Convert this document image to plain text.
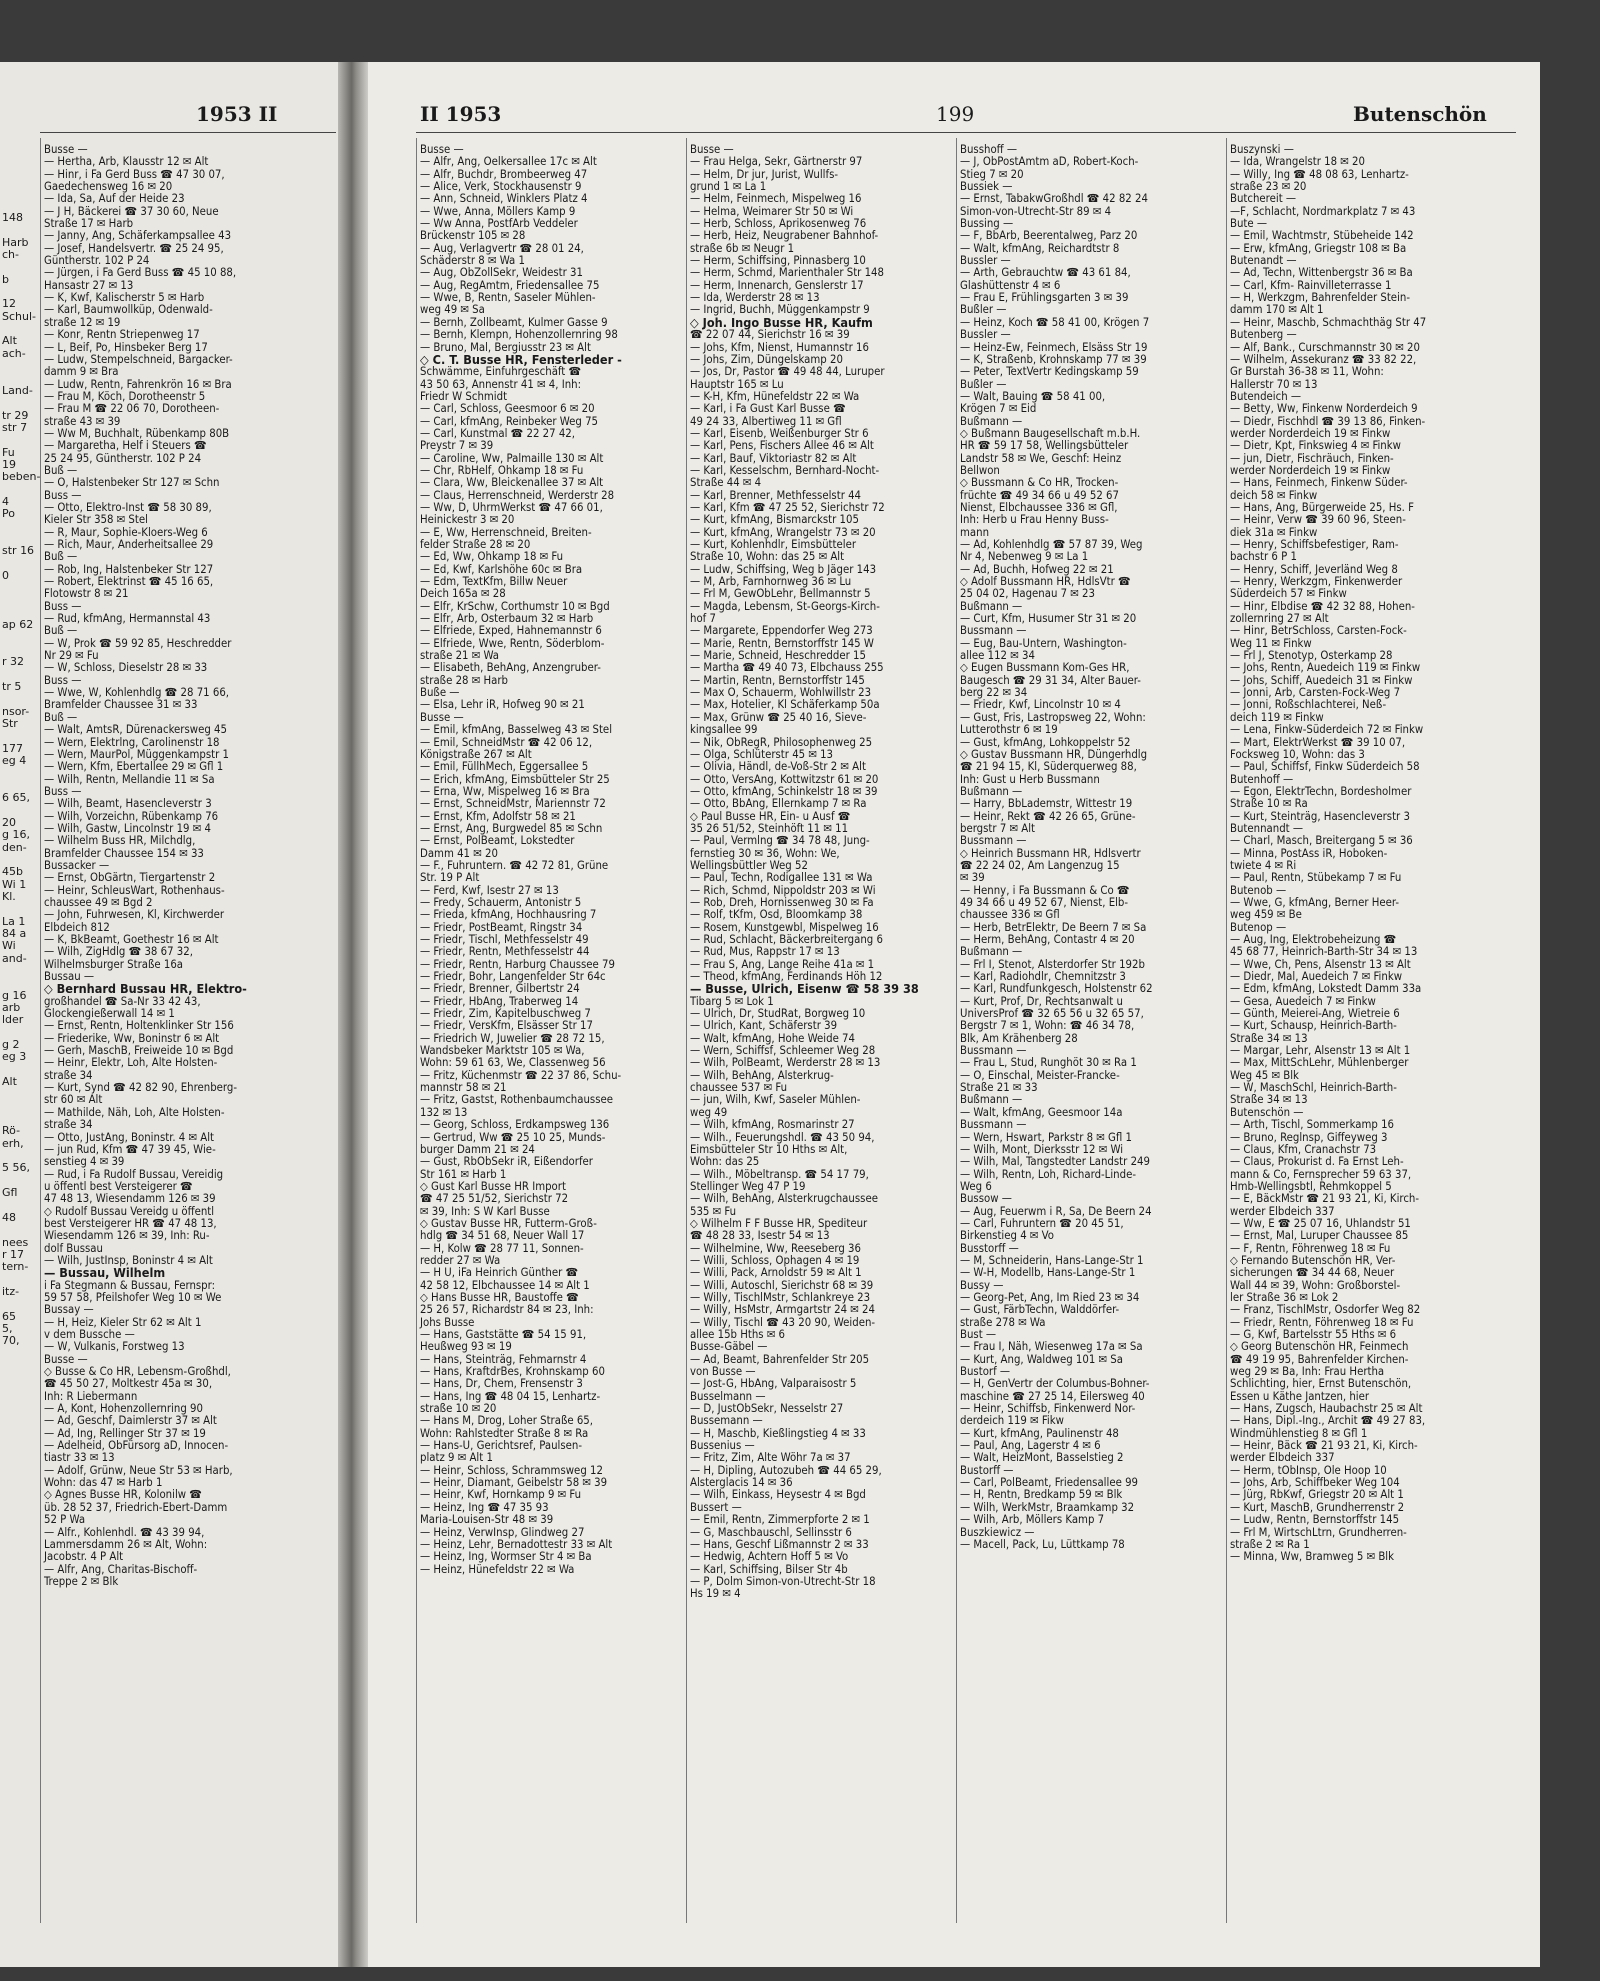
1953 II
148
Harb
ch-
b
12
Schul-
Alt
ach-
Land-
tr 29
str 7
Fu
19
beben-
4
Po
str 16
0
ap 62
r 32
tr 5
nsor-
Str
177
eg 4
6 65,
20
g 16,
den-
45b
Wi 1
Kl.
La 1
84 a
Wi
and-
g 16
arb
lder
g 2
eg 3
Alt
Rö-
erh,
5 56,
Gfl
48
nees
r 17
tern-
itz-
65
5,
70,
Busse —
— Hertha, Arb, Klausstr 12 ✉ Alt
— Hinr, i Fa Gerd Buss ☎ 47 30 07,
Gaedechensweg 16 ✉ 20
— Ida, Sa, Auf der Heide 23
— J H, Bäckerei ☎ 37 30 60, Neue
Straße 17 ✉ Harb
— Janny, Ang, Schäferkampsallee 43
— Josef, Handelsvertr. ☎ 25 24 95,
Güntherstr. 102 P 24
— Jürgen, i Fa Gerd Buss ☎ 45 10 88,
Hansastr 27 ✉ 13
— K, Kwf, Kalischerstr 5 ✉ Harb
— Karl, Baumwollküp, Odenwald-
straße 12 ✉ 19
— Konr, Rentn Striepenweg 17
— L, Beif, Po, Hinsbeker Berg 17
— Ludw, Stempelschneid, Bargacker-
damm 9 ✉ Bra
— Ludw, Rentn, Fahrenkrön 16 ✉ Bra
— Frau M, Köch, Dorotheenstr 5
— Frau M ☎ 22 06 70, Dorotheen-
straße 43 ✉ 39
— Ww M, Buchhalt, Rübenkamp 80B
— Margaretha, Helf i Steuers ☎
25 24 95, Güntherstr. 102 P 24
Buß —
— O, Halstenbeker Str 127 ✉ Schn
Buss —
— Otto, Elektro-Inst ☎ 58 30 89,
Kieler Str 358 ✉ Stel
— R, Maur, Sophie-Kloers-Weg 6
— Rich, Maur, Anderheitsallee 29
Buß —
— Rob, Ing, Halstenbeker Str 127
— Robert, Elektrinst ☎ 45 16 65,
Flotowstr 8 ✉ 21
Buss —
— Rud, kfmAng, Hermannstal 43
Buß —
— W, Prok ☎ 59 92 85, Heschredder
Nr 29 ✉ Fu
— W, Schloss, Dieselstr 28 ✉ 33
Buss —
— Wwe, W, Kohlenhdlg ☎ 28 71 66,
Bramfelder Chaussee 31 ✉ 33
Buß —
— Walt, AmtsR, Dürenackersweg 45
— Wern, Elektrlng, Carolinenstr 18
— Wern, MaurPol, Müggenkampstr 1
— Wern, Kfm, Ebertallee 29 ✉ Gfl 1
— Wilh, Rentn, Mellandie 11 ✉ Sa
Buss —
— Wilh, Beamt, Hasencleverstr 3
— Wilh, Vorzeichn, Rübenkamp 76
— Wilh, Gastw, Lincolnstr 19 ✉ 4
— Wilhelm Buss HR, Milchdlg,
Bramfelder Chaussee 154 ✉ 33
Bussacker —
— Ernst, ObGärtn, Tiergartenstr 2
— Heinr, SchleusWart, Rothenhaus-
chaussee 49 ✉ Bgd 2
— John, Fuhrwesen, Kl, Kirchwerder
Elbdeich 812
— K, BkBeamt, Goethestr 16 ✉ Alt
— Wilh, ZigHdlg ☎ 38 67 32,
Wilhelmsburger Straße 16a
Bussau —
◇ Bernhard Bussau HR, Elektro-
großhandel ☎ Sa-Nr 33 42 43,
Glockengießerwall 14 ✉ 1
— Ernst, Rentn, Holtenklinker Str 156
— Friederike, Ww, Boninstr 6 ✉ Alt
— Gerh, MaschB, Freiweide 10 ✉ Bgd
— Heinr, Elektr, Loh, Alte Holsten-
straße 34
— Kurt, Synd ☎ 42 82 90, Ehrenberg-
str 60 ✉ Alt
— Mathilde, Näh, Loh, Alte Holsten-
straße 34
— Otto, JustAng, Boninstr. 4 ✉ Alt
— jun Rud, Kfm ☎ 47 39 45, Wie-
senstieg 4 ✉ 39
— Rud, i Fa Rudolf Bussau, Vereidig
u öffentl best Versteigerer ☎
47 48 13, Wiesendamm 126 ✉ 39
◇ Rudolf Bussau Vereidg u öffentl
best Versteigerer HR ☎ 47 48 13,
Wiesendamm 126 ✉ 39, Inh: Ru-
dolf Bussau
— Wilh, JustInsp, Boninstr 4 ✉ Alt
— Bussau, Wilhelm
i Fa Stegmann & Bussau, Fernspr:
59 57 58, Pfeilshofer Weg 10 ✉ We
Bussay —
— H, Heiz, Kieler Str 62 ✉ Alt 1
v dem Bussche —
— W, Vulkanis, Forstweg 13
Busse —
◇ Busse & Co HR, Lebensm-Großhdl,
☎ 45 50 27, Moltkestr 45a ✉ 30,
Inh: R Liebermann
— A, Kont, Hohenzollernring 90
— Ad, Geschf, Daimlerstr 37 ✉ Alt
— Ad, Ing, Rellinger Str 37 ✉ 19
— Adelheid, ObFürsorg aD, Innocen-
tiastr 33 ✉ 13
— Adolf, Grünw, Neue Str 53 ✉ Harb,
Wohn: das 47 ✉ Harb 1
◇ Agnes Busse HR, Kolonilw ☎
üb. 28 52 37, Friedrich-Ebert-Damm
52 P Wa
— Alfr., Kohlenhdl. ☎ 43 39 94,
Lammersdamm 26 ✉ Alt, Wohn:
Jacobstr. 4 P Alt
— Alfr, Ang, Charitas-Bischoff-
Treppe 2 ✉ Blk
II 1953	199	Butenschön
Busse —
— Alfr, Ang, Oelkersallee 17c ✉ Alt
— Alfr, Buchdr, Brombeerweg 47
— Alice, Verk, Stockhausenstr 9
— Ann, Schneid, Winklers Platz 4
— Wwe, Anna, Möllers Kamp 9
— Ww Anna, PostfArb Veddeler
Brückenstr 105 ✉ 28
— Aug, Verlagvertr ☎ 28 01 24,
Schäderstr 8 ✉ Wa 1
— Aug, ObZollSekr, Weidestr 31
— Aug, RegAmtm, Friedensallee 75
— Wwe, B, Rentn, Saseler Mühlen-
weg 49 ✉ Sa
— Bernh, Zollbeamt, Kulmer Gasse 9
— Bernh, Klempn, Hohenzollernring 98
— Bruno, Mal, Bergiusstr 23 ✉ Alt
◇ C. T. Busse HR, Fensterleder -
Schwämme, Einfuhrgeschäft ☎
43 50 63, Annenstr 41 ✉ 4, Inh:
Friedr W Schmidt
— Carl, Schloss, Geesmoor 6 ✉ 20
— Carl, kfmAng, Reinbeker Weg 75
— Carl, Kunstmal ☎ 22 27 42,
Preystr 7 ✉ 39
— Caroline, Ww, Palmaille 130 ✉ Alt
— Chr, RbHelf, Ohkamp 18 ✉ Fu
— Clara, Ww, Bleickenallee 37 ✉ Alt
— Claus, Herrenschneid, Werderstr 28
— Ww, D, UhrmWerkst ☎ 47 66 01,
Heinickestr 3 ✉ 20
— E, Ww, Herrenschneid, Breiten-
felder Straße 28 ✉ 20
— Ed, Ww, Ohkamp 18 ✉ Fu
— Ed, Kwf, Karlshöhe 60c ✉ Bra
— Edm, TextKfm, Billw Neuer
Deich 165a ✉ 28
— Elfr, KrSchw, Corthumstr 10 ✉ Bgd
— Elfr, Arb, Osterbaum 32 ✉ Harb
— Elfriede, Exped, Hahnemannstr 6
— Elfriede, Wwe, Rentn, Söderblom-
straße 21 ✉ Wa
— Elisabeth, BehAng, Anzengruber-
straße 28 ✉ Harb
Buße —
— Elsa, Lehr iR, Hofweg 90 ✉ 21
Busse —
— Emil, kfmAng, Basselweg 43 ✉ Stel
— Emil, SchneidMstr ☎ 42 06 12,
Königstraße 267 ✉ Alt
— Emil, FüllhMech, Eggersallee 5
— Erich, kfmAng, Eimsbütteler Str 25
— Erna, Ww, Mispelweg 16 ✉ Bra
— Ernst, SchneidMstr, Mariennstr 72
— Ernst, Kfm, Adolfstr 58 ✉ 21
— Ernst, Ang, Burgwedel 85 ✉ Schn
— Ernst, PolBeamt, Lokstedter
Damm 41 ✉ 20
— F., Fuhruntern. ☎ 42 72 81, Grüne
Str. 19 P Alt
— Ferd, Kwf, Isestr 27 ✉ 13
— Fredy, Schauerm, Antonistr 5
— Frieda, kfmAng, Hochhausring 7
— Friedr, PostBeamt, Ringstr 34
— Friedr, Tischl, Methfesselstr 49
— Friedr, Rentn, Methfesselstr 44
— Friedr, Rentn, Harburg Chaussee 79
— Friedr, Bohr, Langenfelder Str 64c
— Friedr, Brenner, Gilbertstr 24
— Friedr, HbAng, Traberweg 14
— Friedr, Zim, Kapitelbuschweg 7
— Friedr, VersKfm, Elsässer Str 17
— Friedrich W, Juwelier ☎ 28 72 15,
Wandsbeker Marktstr 105 ✉ Wa,
Wohn: 59 61 63, We, Classenweg 56
— Fritz, Küchenmstr ☎ 22 37 86, Schu-
mannstr 58 ✉ 21
— Fritz, Gastst, Rothenbaumchaussee
132 ✉ 13
— Georg, Schloss, Erdkampsweg 136
— Gertrud, Ww ☎ 25 10 25, Munds-
burger Damm 21 ✉ 24
— Gust, RbObSekr iR, Eißendorfer
Str 161 ✉ Harb 1
◇ Gust Karl Busse HR Import
☎ 47 25 51/52, Sierichstr 72
✉ 39, Inh: S W Karl Busse
◇ Gustav Busse HR, Futterm-Groß-
hdlg ☎ 34 51 68, Neuer Wall 17
— H, Kolw ☎ 28 77 11, Sonnen-
redder 27 ✉ Wa
— H U, iFa Heinrich Günther ☎
42 58 12, Elbchaussee 14 ✉ Alt 1
◇ Hans Busse HR, Baustoffe ☎
25 26 57, Richardstr 84 ✉ 23, Inh:
Johs Busse
— Hans, Gaststätte ☎ 54 15 91,
Heußweg 93 ✉ 19
— Hans, Steinträg, Fehmarnstr 4
— Hans, KraftdrBes, Krohnskamp 60
— Hans, Dr, Chem, Frensenstr 3
— Hans, Ing ☎ 48 04 15, Lenhartz-
straße 10 ✉ 20
— Hans M, Drog, Loher Straße 65,
Wohn: Rahlstedter Straße 8 ✉ Ra
— Hans-U, Gerichtsref, Paulsen-
platz 9 ✉ Alt 1
— Heinr, Schloss, Schrammsweg 12
— Heinr, Diamant, Geibelstr 58 ✉ 39
— Heinr, Kwf, Hornkamp 9 ✉ Fu
— Heinz, Ing ☎ 47 35 93
Maria-Louisen-Str 48 ✉ 39
— Heinz, VerwInsp, Glindweg 27
— Heinz, Lehr, Bernadottestr 33 ✉ Alt
— Heinz, Ing, Wormser Str 4 ✉ Ba
— Heinz, Hünefeldstr 22 ✉ Wa
Busse —
— Frau Helga, Sekr, Gärtnerstr 97
— Helm, Dr jur, Jurist, Wullfs-
grund 1 ✉ La 1
— Helm, Feinmech, Mispelweg 16
— Helma, Weimarer Str 50 ✉ Wi
— Herb, Schloss, Aprikosenweg 76
— Herb, Heiz, Neugrabener Bahnhof-
straße 6b ✉ Neugr 1
— Herm, Schiffsing, Pinnasberg 10
— Herm, Schmd, Marienthaler Str 148
— Herm, Innenarch, Genslerstr 17
— Ida, Werderstr 28 ✉ 13
— Ingrid, Buchh, Müggenkampstr 9
◇ Joh. Ingo Busse HR, Kaufm
☎ 22 07 44, Sierichstr 16 ✉ 39
— Johs, Kfm, Nienst, Humannstr 16
— Johs, Zim, Düngelskamp 20
— Jos, Dr, Pastor ☎ 49 48 44, Luruper
Hauptstr 165 ✉ Lu
— K-H, Kfm, Hünefeldstr 22 ✉ Wa
— Karl, i Fa Gust Karl Busse ☎
49 24 33, Albertiweg 11 ✉ Gfl
— Karl, Eisenb, Weißenburger Str 6
— Karl, Pens, Fischers Allee 46 ✉ Alt
— Karl, Bauf, Viktoriastr 82 ✉ Alt
— Karl, Kesselschm, Bernhard-Nocht-
Straße 44 ✉ 4
— Karl, Brenner, Methfesselstr 44
— Karl, Kfm ☎ 47 25 52, Sierichstr 72
— Kurt, kfmAng, Bismarckstr 105
— Kurt, kfmAng, Wrangelstr 73 ✉ 20
— Kurt, Kohlenhdlr, Eimsbütteler
Straße 10, Wohn: das 25 ✉ Alt
— Ludw, Schiffsing, Weg b Jäger 143
— M, Arb, Farnhornweg 36 ✉ Lu
— Frl M, GewObLehr, Bellmannstr 5
— Magda, Lebensm, St-Georgs-Kirch-
hof 7
— Margarete, Eppendorfer Weg 273
— Marie, Rentn, Bernstorffstr 145 W
— Marie, Schneid, Heschredder 15
— Martha ☎ 49 40 73, Elbchauss 255
— Martin, Rentn, Bernstorffstr 145
— Max O, Schauerm, Wohlwillstr 23
— Max, Hotelier, Kl Schäferkamp 50a
— Max, Grünw ☎ 25 40 16, Sieve-
kingsallee 99
— Nik, ObRegR, Philosophenweg 25
— Olga, Schlüterstr 45 ✉ 13
— Olivia, Händl, de-Voß-Str 2 ✉ Alt
— Otto, VersAng, Kottwitzstr 61 ✉ 20
— Otto, kfmAng, Schinkelstr 18 ✉ 39
— Otto, BbAng, Ellernkamp 7 ✉ Ra
◇ Paul Busse HR, Ein- u Ausf ☎
35 26 51/52, Steinhöft 11 ✉ 11
— Paul, Vermlng ☎ 34 78 48, Jung-
fernstieg 30 ✉ 36, Wohn: We,
Wellingsbüttler Weg 52
— Paul, Techn, Rodigallee 131 ✉ Wa
— Rich, Schmd, Nippoldstr 203 ✉ Wi
— Rob, Dreh, Hornissenweg 30 ✉ Fa
— Rolf, tKfm, Osd, Bloomkamp 38
— Rosem, Kunstgewbl, Mispelweg 16
— Rud, Schlacht, Bäckerbreitergang 6
— Rud, Mus, Rappstr 17 ✉ 13
— Frau S, Ang, Lange Reihe 41a ✉ 1
— Theod, kfmAng, Ferdinands Höh 12
— Busse, Ulrich, Eisenw ☎ 58 39 38
Tibarg 5 ✉ Lok 1
— Ulrich, Dr, StudRat, Borgweg 10
— Ulrich, Kant, Schäferstr 39
— Walt, kfmAng, Hohe Weide 74
— Wern, Schiffsf, Schleemer Weg 28
— Wilh, PolBeamt, Werderstr 28 ✉ 13
— Wilh, BehAng, Alsterkrug-
chaussee 537 ✉ Fu
— jun, Wilh, Kwf, Saseler Mühlen-
weg 49
— Wilh, kfmAng, Rosmarinstr 27
— Wilh., Feuerungshdl. ☎ 43 50 94,
Eimsbütteler Str 10 Hths ✉ Alt,
Wohn: das 25
— Wilh., Möbeltransp. ☎ 54 17 79,
Stellinger Weg 47 P 19
— Wilh, BehAng, Alsterkrugchaussee
535 ✉ Fu
◇ Wilhelm F F Busse HR, Spediteur
☎ 48 28 33, Isestr 54 ✉ 13
— Wilhelmine, Ww, Reeseberg 36
— Willi, Schloss, Ophagen 4 ✉ 19
— Willi, Pack, Arnoldstr 59 ✉ Alt 1
— Willi, Autoschl, Sierichstr 68 ✉ 39
— Willy, TischlMstr, Schlankreye 23
— Willy, HsMstr, Armgartstr 24 ✉ 24
— Willy, Tischl ☎ 43 20 90, Weiden-
allee 15b Hths ✉ 6
Busse-Gäbel —
— Ad, Beamt, Bahrenfelder Str 205
von Busse —
— Jost-G, HbAng, Valparaisostr 5
Busselmann —
— D, JustObSekr, Nesselstr 27
Bussemann —
— H, Maschb, Kießlingstieg 4 ✉ 33
Bussenius —
— Fritz, Zim, Alte Wöhr 7a ✉ 37
— H, Dipling, Autozubeh ☎ 44 65 29,
Alsterglacis 14 ✉ 36
— Wilh, Einkass, Heysestr 4 ✉ Bgd
Bussert —
— Emil, Rentn, Zimmerpforte 2 ✉ 1
— G, Maschbauschl, Sellinsstr 6
— Hans, Geschf Lißmannstr 2 ✉ 33
— Hedwig, Achtern Hoff 5 ✉ Vo
— Karl, Schiffsing, Bilser Str 4b
— P, Dolm Simon-von-Utrecht-Str 18
Hs 19 ✉ 4
Busshoff —
— J, ObPostAmtm aD, Robert-Koch-
Stieg 7 ✉ 20
Bussiek —
— Ernst, TabakwGroßhdl ☎ 42 82 24
Simon-von-Utrecht-Str 89 ✉ 4
Bussing —
— F, BbArb, Beerentalweg, Parz 20
— Walt, kfmAng, Reichardtstr 8
Bussler —
— Arth, Gebrauchtw ☎ 43 61 84,
Glashüttenstr 4 ✉ 6
— Frau E, Frühlingsgarten 3 ✉ 39
Bußler —
— Heinz, Koch ☎ 58 41 00, Krögen 7
Bussler —
— Heinz-Ew, Feinmech, Elsäss Str 19
— K, Straßenb, Krohnskamp 77 ✉ 39
— Peter, TextVertr Kedingskamp 59
Bußler —
— Walt, Bauing ☎ 58 41 00,
Krögen 7 ✉ Eid
Bußmann —
◇ Bußmann Baugesellschaft m.b.H.
HR ☎ 59 17 58, Wellingsbütteler
Landstr 58 ✉ We, Geschf: Heinz
Bellwon
◇ Bussmann & Co HR, Trocken-
früchte ☎ 49 34 66 u 49 52 67
Nienst, Elbchaussee 336 ✉ Gfl,
Inh: Herb u Frau Henny Buss-
mann
— Ad, Kohlenhdlg ☎ 57 87 39, Weg
Nr 4, Nebenweg 9 ✉ La 1
— Ad, Buchh, Hofweg 22 ✉ 21
◇ Adolf Bussmann HR, HdlsVtr ☎
25 04 02, Hagenau 7 ✉ 23
Bußmann —
— Curt, Kfm, Husumer Str 31 ✉ 20
Bussmann —
— Eug, Bau-Untern, Washington-
allee 112 ✉ 34
◇ Eugen Bussmann Kom-Ges HR,
Baugesch ☎ 29 31 34, Alter Bauer-
berg 22 ✉ 34
— Friedr, Kwf, Lincolnstr 10 ✉ 4
— Gust, Fris, Lastropsweg 22, Wohn:
Lutterothstr 6 ✉ 19
— Gust, kfmAng, Lohkoppelstr 52
◇ Gustav Bussmann HR, Düngerhdlg
☎ 21 94 15, Kl, Süderquerweg 88,
Inh: Gust u Herb Bussmann
Bußmann —
— Harry, BbLademstr, Wittestr 19
— Heinr, Rekt ☎ 42 26 65, Grüne-
bergstr 7 ✉ Alt
Bussmann —
◇ Heinrich Bussmann HR, Hdlsvertr
☎ 22 24 02, Am Langenzug 15
✉ 39
— Henny, i Fa Bussmann & Co ☎
49 34 66 u 49 52 67, Nienst, Elb-
chaussee 336 ✉ Gfl
— Herb, BetrElektr, De Beern 7 ✉ Sa
— Herm, BehAng, Contastr 4 ✉ 20
Bußmann —
— Frl I, Stenot, Alsterdorfer Str 192b
— Karl, Radiohdlr, Chemnitzstr 3
— Karl, Rundfunkgesch, Holstenstr 62
— Kurt, Prof, Dr, Rechtsanwalt u
UniversProf ☎ 32 65 56 u 32 65 57,
Bergstr 7 ✉ 1, Wohn: ☎ 46 34 78,
Blk, Am Krähenberg 28
Bussmann —
— Frau L, Stud, Runghöt 30 ✉ Ra 1
— O, Einschal, Meister-Francke-
Straße 21 ✉ 33
Bußmann —
— Walt, kfmAng, Geesmoor 14a
Bussmann —
— Wern, Hswart, Parkstr 8 ✉ Gfl 1
— Wilh, Mont, Dierksstr 12 ✉ Wi
— Wilh, Mal, Tangstedter Landstr 249
— Wilh, Rentn, Loh, Richard-Linde-
Weg 6
Bussow —
— Aug, Feuerwm i R, Sa, De Beern 24
— Carl, Fuhruntern ☎ 20 45 51,
Birkenstieg 4 ✉ Vo
Busstorff —
— M, Schneiderin, Hans-Lange-Str 1
— W-H, Modellb, Hans-Lange-Str 1
Bussy —
— Georg-Pet, Ang, Im Ried 23 ✉ 34
— Gust, FärbTechn, Walddörfer-
straße 278 ✉ Wa
Bust —
— Frau I, Näh, Wiesenweg 17a ✉ Sa
— Kurt, Ang, Waldweg 101 ✉ Sa
Bustorf —
— H, GenVertr der Columbus-Bohner-
maschine ☎ 27 25 14, Eilersweg 40
— Heinr, Schiffsb, Finkenwerd Nor-
derdeich 119 ✉ Fikw
— Kurt, kfmAng, Paulinenstr 48
— Paul, Ang, Lagerstr 4 ✉ 6
— Walt, HeizMont, Basselstieg 2
Bustorff —
— Carl, PolBeamt, Friedensallee 99
— H, Rentn, Bredkamp 59 ✉ Blk
— Wilh, WerkMstr, Braamkamp 32
— Wilh, Arb, Möllers Kamp 7
Buszkiewicz —
— Macell, Pack, Lu, Lüttkamp 78
Buszynski —
— Ida, Wrangelstr 18 ✉ 20
— Willy, Ing ☎ 48 08 63, Lenhartz-
straße 23 ✉ 20
Butchereit —
—F, Schlacht, Nordmarkplatz 7 ✉ 43
Bute —
— Emil, Wachtmstr, Stübeheide 142
— Erw, kfmAng, Griegstr 108 ✉ Ba
Butenandt —
— Ad, Techn, Wittenbergstr 36 ✉ Ba
— Carl, Kfm- Rainvilleterrasse 1
— H, Werkzgm, Bahrenfelder Stein-
damm 170 ✉ Alt 1
— Heinr, Maschb, Schmachthäg Str 47
Butenberg —
— Alf, Bank., Curschmannstr 30 ✉ 20
— Wilhelm, Assekuranz ☎ 33 82 22,
Gr Burstah 36-38 ✉ 11, Wohn:
Hallerstr 70 ✉ 13
Butendeich —
— Betty, Ww, Finkenw Norderdeich 9
— Diedr, Fischhdl ☎ 39 13 86, Finken-
werder Norderdeich 19 ✉ Finkw
— Dietr, Kpt, Finkswieg 4 ✉ Finkw
— jun, Dietr, Fischräuch, Finken-
werder Norderdeich 19 ✉ Finkw
— Hans, Feinmech, Finkenw Süder-
deich 58 ✉ Finkw
— Hans, Ang, Bürgerweide 25, Hs. F
— Heinr, Verw ☎ 39 60 96, Steen-
diek 31a ✉ Finkw
— Henry, Schiffsbefestiger, Ram-
bachstr 6 P 1
— Henry, Schiff, Jeverländ Weg 8
— Henry, Werkzgm, Finkenwerder
Süderdeich 57 ✉ Finkw
— Hinr, Elbdise ☎ 42 32 88, Hohen-
zollernring 27 ✉ Alt
— Hinr, BetrSchloss, Carsten-Fock-
Weg 11 ✉ Finkw
— Frl J, Stenotyp, Osterkamp 28
— Johs, Rentn, Auedeich 119 ✉ Finkw
— Johs, Schiff, Auedeich 31 ✉ Finkw
— Jonni, Arb, Carsten-Fock-Weg 7
— Jonni, Roßschlachterei, Neß-
deich 119 ✉ Finkw
— Lena, Finkw-Süderdeich 72 ✉ Finkw
— Mart, ElektrWerkst ☎ 39 10 07,
Focksweg 10, Wohn: das 3
— Paul, Schiffsf, Finkw Süderdeich 58
Butenhoff —
— Egon, ElektrTechn, Bordesholmer
Straße 10 ✉ Ra
— Kurt, Steinträg, Hasencleverstr 3
Butennandt —
— Charl, Masch, Breitergang 5 ✉ 36
— Minna, PostAss iR, Hoboken-
twiete 4 ✉ Ri
— Paul, Rentn, Stübekamp 7 ✉ Fu
Butenob —
— Wwe, G, kfmAng, Berner Heer-
weg 459 ✉ Be
Butenop —
— Aug, Ing, Elektrobeheizung ☎
45 68 77, Heinrich-Barth-Str 34 ✉ 13
— Wwe, Ch, Pens, Alsenstr 13 ✉ Alt
— Diedr, Mal, Auedeich 7 ✉ Finkw
— Edm, kfmAng, Lokstedt Damm 33a
— Gesa, Auedeich 7 ✉ Finkw
— Günth, Meierei-Ang, Wietreie 6
— Kurt, Schausp, Heinrich-Barth-
Straße 34 ✉ 13
— Margar, Lehr, Alsenstr 13 ✉ Alt 1
— Max, MittSchLehr, Mühlenberger
Weg 45 ✉ Blk
— W, MaschSchl, Heinrich-Barth-
Straße 34 ✉ 13
Butenschön —
— Arth, Tischl, Sommerkamp 16
— Bruno, Reglnsp, Giffeyweg 3
— Claus, Kfm, Cranachstr 73
— Claus, Prokurist d. Fa Ernst Leh-
mann & Co, Fernsprecher 59 63 37,
Hmb-Wellingsbtl, Rehmkoppel 5
— E, BäckMstr ☎ 21 93 21, Ki, Kirch-
werder Elbdeich 337
— Ww, E ☎ 25 07 16, Uhlandstr 51
— Ernst, Mal, Luruper Chaussee 85
— F, Rentn, Föhrenweg 18 ✉ Fu
◇ Fernando Butenschön HR, Ver-
sicherungen ☎ 34 44 68, Neuer
Wall 44 ✉ 39, Wohn: Großborstel-
ler Straße 36 ✉ Lok 2
— Franz, TischlMstr, Osdorfer Weg 82
— Friedr, Rentn, Föhrenweg 18 ✉ Fu
— G, Kwf, Bartelsstr 55 Hths ✉ 6
◇ Georg Butenschön HR, Feinmech
☎ 49 19 95, Bahrenfelder Kirchen-
weg 29 ✉ Ba, Inh: Frau Hertha
Schlichting, hier, Ernst Butenschön,
Essen u Käthe Jantzen, hier
— Hans, Zugsch, Haubachstr 25 ✉ Alt
— Hans, Dipl.-Ing., Archit ☎ 49 27 83,
Windmühlenstieg 8 ✉ Gfl 1
— Heinr, Bäck ☎ 21 93 21, Ki, Kirch-
werder Elbdeich 337
— Herm, tObInsp, Ole Hoop 10
— Johs, Arb, Schiffbeker Weg 104
— Jürg, RbKwf, Griegstr 20 ✉ Alt 1
— Kurt, MaschB, Grundherrenstr 2
— Ludw, Rentn, Bernstorffstr 145
— Frl M, WirtschLtrn, Grundherren-
straße 2 ✉ Ra 1
— Minna, Ww, Bramweg 5 ✉ Blk
